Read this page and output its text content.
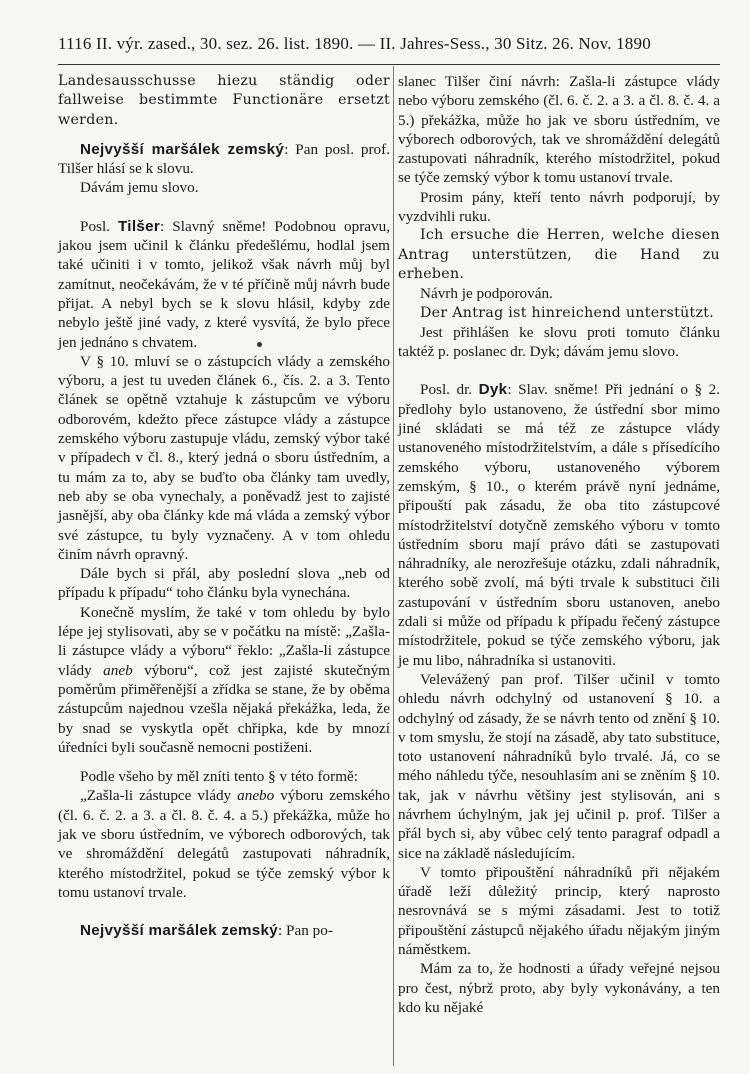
1116 II. výr. zased., 30. sez. 26. list. 1890. — II. Jahres-Sess., 30 Sitz. 26. Nov. 1890

Landesausschusse hiezu ständig oder fallweise bestimmte Functionäre ersetzt werden.

Nejvyšší maršálek zemský: Pan posl. prof. Tilšer hlásí se k slovu.

Dávám jemu slovo.

Posl. Tilšer: Slavný sněme! Podobnou opravu, jakou jsem učinil k článku předešlému, hodlal jsem také učiniti i v tomto, jelikož však návrh můj byl zamítnut, neočekávám, že v té příčině můj návrh bude přijat. A nebyl bych se k slovu hlásil, kdyby zde nebylo ještě jiné vady, z které vysvítá, že bylo přece jen jednáno s chvatem.

V § 10. mluví se o zástupcích vlády a zemského výboru, a jest tu uveden článek 6., čís. 2. a 3. Tento článek se opětně vztahuje k zástupcům ve výboru odborovém, kdežto přece zástupce vlády a zástupce zemského výboru zastupuje vládu, zemský výbor také v případech v čl. 8., který jedná o sboru ústředním, a tu mám za to, aby se buďto oba články tam uvedly, neb aby se oba vynechaly, a poněvadž jest to zajisté jasnější, aby oba články kde má vláda a zemský výbor své zástupce, tu byly vyznačeny. A v tom ohledu činím návrh opravný.

Dále bych si přál, aby poslední slova „neb od případu k případu“ toho článku byla vynechána.

Konečně myslím, že také v tom ohledu by bylo lépe jej stylisovati, aby se v počátku na místě: „Zašla-li zástupce vlády a výboru“ řeklo: „Zašla-li zástupce vlády aneb výboru“, což jest zajisté skutečným poměrům přiměřenější a zřídka se stane, že by oběma zástupcům najednou vzešla nějaká překážka, leda, že by snad se vyskytla opět chřipka, kde by mnozí úředníci byli současně nemocni postiženi.

Podle všeho by měl zníti tento § v této formě:

„Zašla-li zástupce vlády anebo výboru zemského (čl. 6. č. 2. a 3. a čl. 8. č. 4. a 5.) překážka, může ho jak ve sboru ústředním, ve výborech odborových, tak ve shromáždění delegátů zastupovati náhradník, kterého místodržitel, pokud se týče zemský výbor k tomu ustanoví trvale.

Nejvyšší maršálek zemský: Pan po-

slanec Tilšer činí návrh: Zašla-li zástupce vlády nebo výboru zemského (čl. 6. č. 2. a 3. a čl. 8. č. 4. a 5.) překážka, může ho jak ve sboru ústředním, ve výborech odborových, tak ve shromáždění delegátů zastupovati náhradník, kterého místodržitel, pokud se týče zemský výbor k tomu ustanoví trvale.

Prosim pány, kteří tento návrh podporují, by vyzdvihli ruku.

Ich ersuche die Herren, welche diesen Antrag unterstützen, die Hand zu erheben.

Návrh je podporován.

Der Antrag ist hinreichend unterstützt.

Jest přihlášen ke slovu proti tomuto článku taktéž p. poslanec dr. Dyk; dávám jemu slovo.

Posl. dr. Dyk: Slav. sněme! Při jednání o § 2. předlohy bylo ustanoveno, že ústřední sbor mimo jiné skládati se má též ze zástupce vlády ustanoveného místodržitelstvím, a dále s přísedícího zemského výboru, ustanoveného výborem zemským, § 10., o kterém právě nyní jednáme, připouští pak zásadu, že oba tito zástupcové místodržitelství dotyčně zemského výboru v tomto ústředním sboru mají právo dáti se zastupovati náhradníky, ale nerozřešuje otázku, zdali náhradník, kterého sobě zvolí, má býti trvale k substituci čili zastupování v ústředním sboru ustanoven, anebo zdali si může od případu k případu řečený zástupce místodržitele, pokud se týče zemského výboru, jak je mu libo, náhradníka si ustanoviti.

Velevážený pan prof. Tilšer učinil v tomto ohledu návrh odchylný od ustanovení § 10. a odchylný od zásady, že se návrh tento od znění § 10. v tom smyslu, že stojí na zásadě, aby tato substituce, toto ustanovení náhradníků bylo trvalé. Já, co se mého náhledu týče, nesouhlasím ani se zněním § 10. tak, jak v návrhu většiny jest stylisován, ani s návrhem úchylným, jak jej učinil p. prof. Tilšer a přál bych si, aby vůbec celý tento paragraf odpadl a sice na základě následujícím.

V tomto připouštění náhradníků při nějakém úřadě leží důležitý princip, který naprosto nesrovnává se s mými zásadami. Jest to totiž připouštění zástupců nějakého úřadu nějakým jiným náměstkem.

Mám za to, že hodnosti a úřady veřejné nejsou pro čest, nýbrž proto, aby byly vykonávány, a ten kdo ku nějaké
